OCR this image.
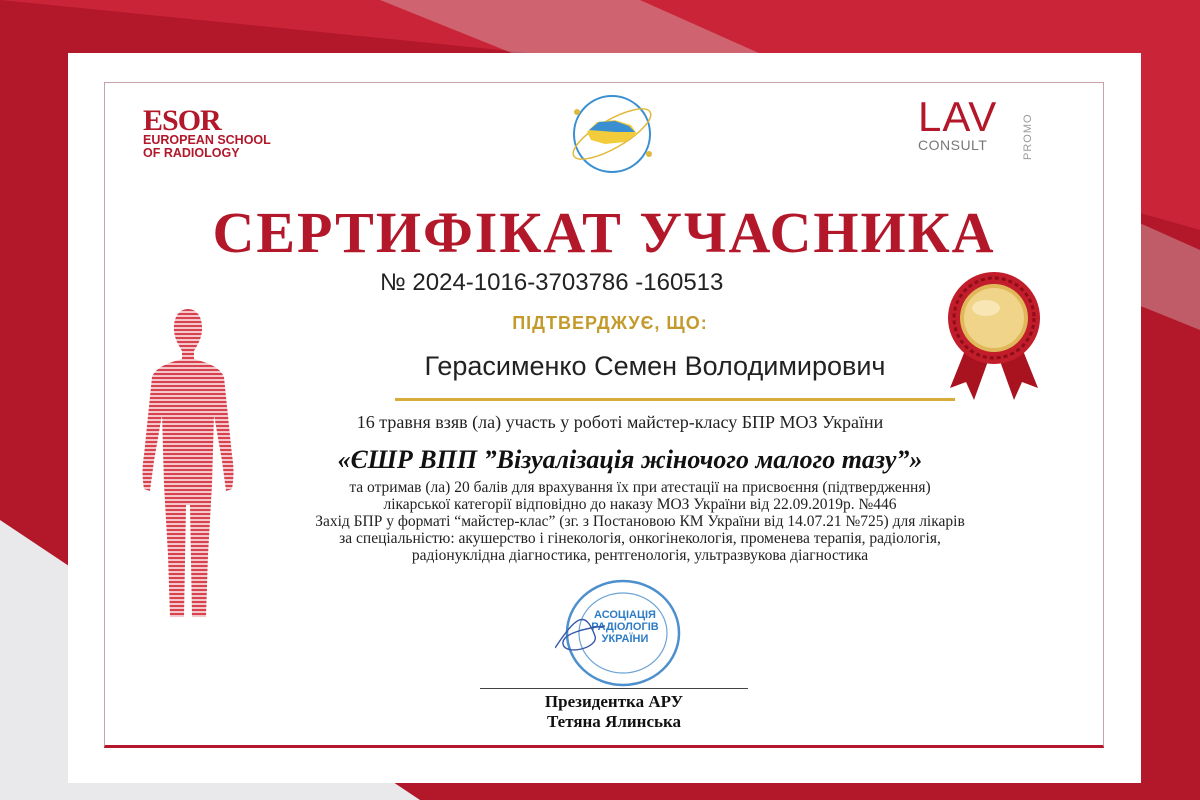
ESOR
EUROPEAN SCHOOL
OF RADIOLOGY
LAV
CONSULT	PROMO
СЕРТИФІКАТ УЧАСНИКА
№ 2024-1016-3703786 -160513
ПІДТВЕРДЖУЄ, ЩО:
Герасименко Семен Володимирович
16 травня взяв (ла) участь у роботі майстер-класу БПР МОЗ України
«ЄШР ВПП ”Візуалізація жіночого малого тазу”»
та отримав (ла) 20 балів для врахування їх при атестації на присвоєння (підтвердження)
лікарської категорії відповідно до наказу МОЗ України від 22.09.2019р. №446
Захід БПР у форматі “майстер-клас” (зг. з Постановою КМ України від 14.07.21 №725) для лікарів
за спеціальністю: акушерство і гінекологія, онкогінекологія, променева терапія, радіологія,
радіонуклідна діагностика, рентгенологія, ультразвукова діагностика
АСОЦІАЦІЯ
РАДІОЛОГІВ
УКРАЇНИ
Президентка АРУ
Тетяна Ялинська
